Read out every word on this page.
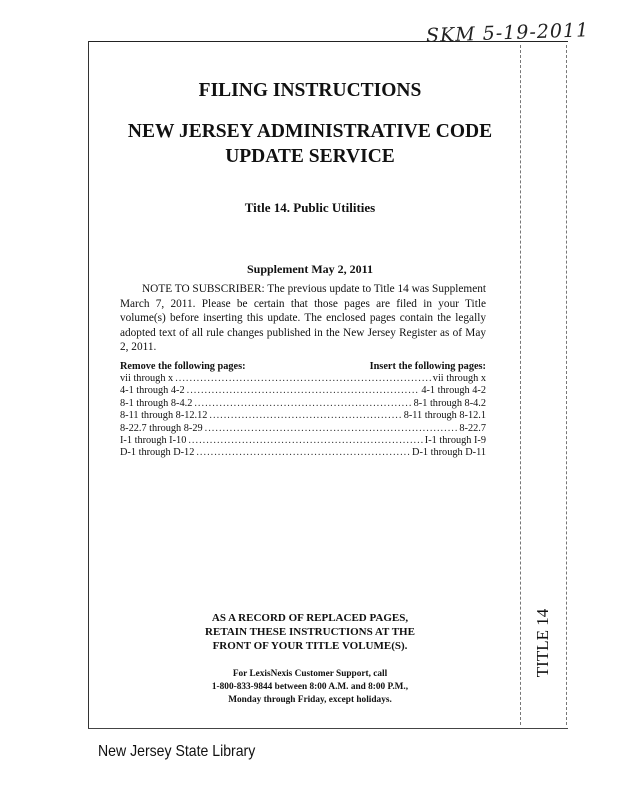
SKM 5-19-2011
FILING INSTRUCTIONS
NEW JERSEY ADMINISTRATIVE CODE
UPDATE SERVICE
Title 14. Public Utilities
Supplement May 2, 2011
NOTE TO SUBSCRIBER: The previous update to Title 14 was Supplement March 7, 2011. Please be certain that those pages are filed in your Title volume(s) before inserting this update. The enclosed pages contain the legally adopted text of all rule changes published in the New Jersey Register as of May 2, 2011.
Remove the following pages:	Insert the following pages:
vii through x .....	vii through x
4-1 through 4-2 .....	4-1 through 4-2
8-1 through 8-4.2 .....	8-1 through 8-4.2
8-11 through 8-12.12 .....	8-11 through 8-12.1
8-22.7 through 8-29 .....	8-22.7
I-1 through I-10 .....	I-1 through I-9
D-1 through D-12 .....	D-1 through D-11
AS A RECORD OF REPLACED PAGES,
RETAIN THESE INSTRUCTIONS AT THE
FRONT OF YOUR TITLE VOLUME(S).
For LexisNexis Customer Support, call
1-800-833-9844 between 8:00 A.M. and 8:00 P.M.,
Monday through Friday, except holidays.
TITLE 14
New Jersey State Library
